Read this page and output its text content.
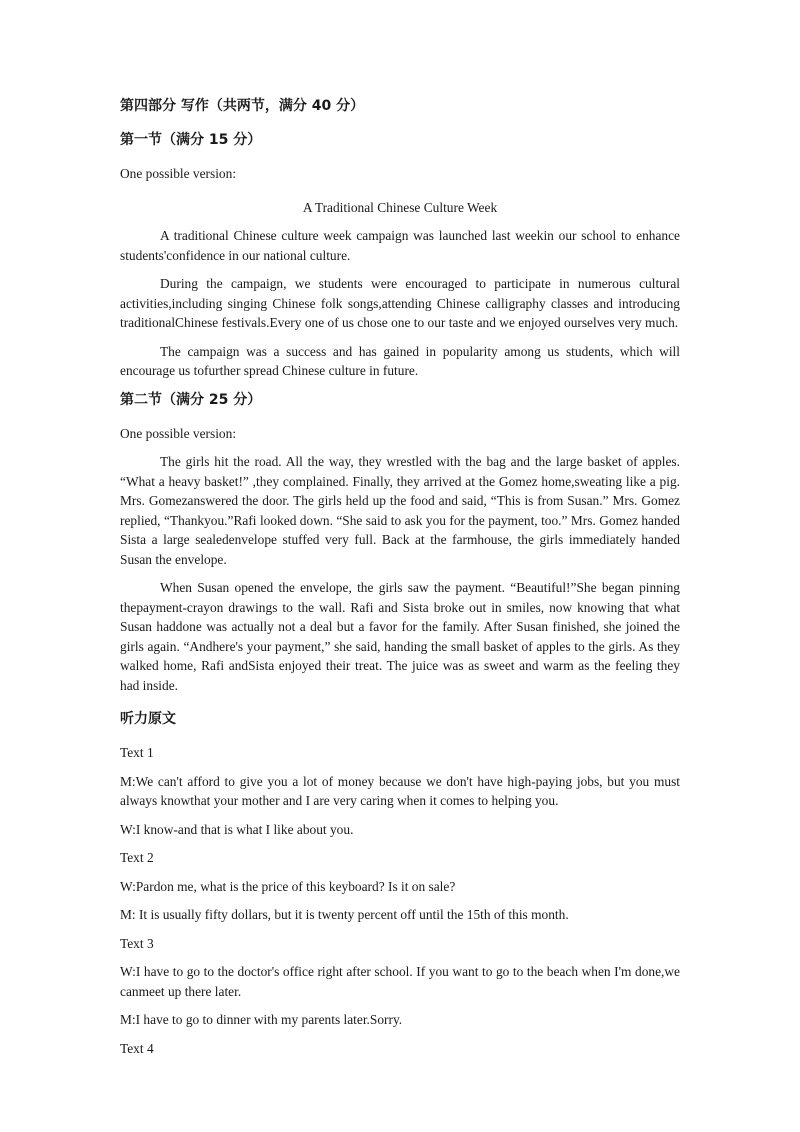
第四部分 写作（共两节，满分 40 分）
第一节（满分 15 分）

One possible version:

A Traditional Chinese Culture Week

A traditional Chinese culture week campaign was launched last weekin our school to enhance students'confidence in our national culture.

During the campaign, we students were encouraged to participate in numerous cultural activities,including singing Chinese folk songs,attending Chinese calligraphy classes and introducing traditionalChinese festivals.Every one of us chose one to our taste and we enjoyed ourselves very much.

The campaign was a success and has gained in popularity among us students, which will encourage us tofurther spread Chinese culture in future.

第二节（满分 25 分）

One possible version:

The girls hit the road. All the way, they wrestled with the bag and the large basket of apples. “What a heavy basket!” ,they complained. Finally, they arrived at the Gomez home,sweating like a pig. Mrs. Gomezanswered the door. The girls held up the food and said, “This is from Susan.” Mrs. Gomez replied, “Thankyou.”Rafi looked down. “She said to ask you for the payment, too.” Mrs. Gomez handed Sista a large sealedenvelope stuffed very full. Back at the farmhouse, the girls immediately handed Susan the envelope.

When Susan opened the envelope, the girls saw the payment. “Beautiful!”She began pinning thepayment-crayon drawings to the wall. Rafi and Sista broke out in smiles, now knowing that what Susan haddone was actually not a deal but a favor for the family. After Susan finished, she joined the girls again. “Andhere's your payment,” she said, handing the small basket of apples to the girls. As they walked home, Rafi andSista enjoyed their treat. The juice was as sweet and warm as the feeling they had inside.

听力原文

Text 1

M:We can't afford to give you a lot of money because we don't have high-paying jobs, but you must always knowthat your mother and I are very caring when it comes to helping you.

W:I know-and that is what I like about you.

Text 2

W:Pardon me, what is the price of this keyboard? Is it on sale?

M: It is usually fifty dollars, but it is twenty percent off until the 15th of this month.

Text 3

W:I have to go to the doctor's office right after school. If you want to go to the beach when I'm done,we canmeet up there later.

M:I have to go to dinner with my parents later.Sorry.

Text 4
